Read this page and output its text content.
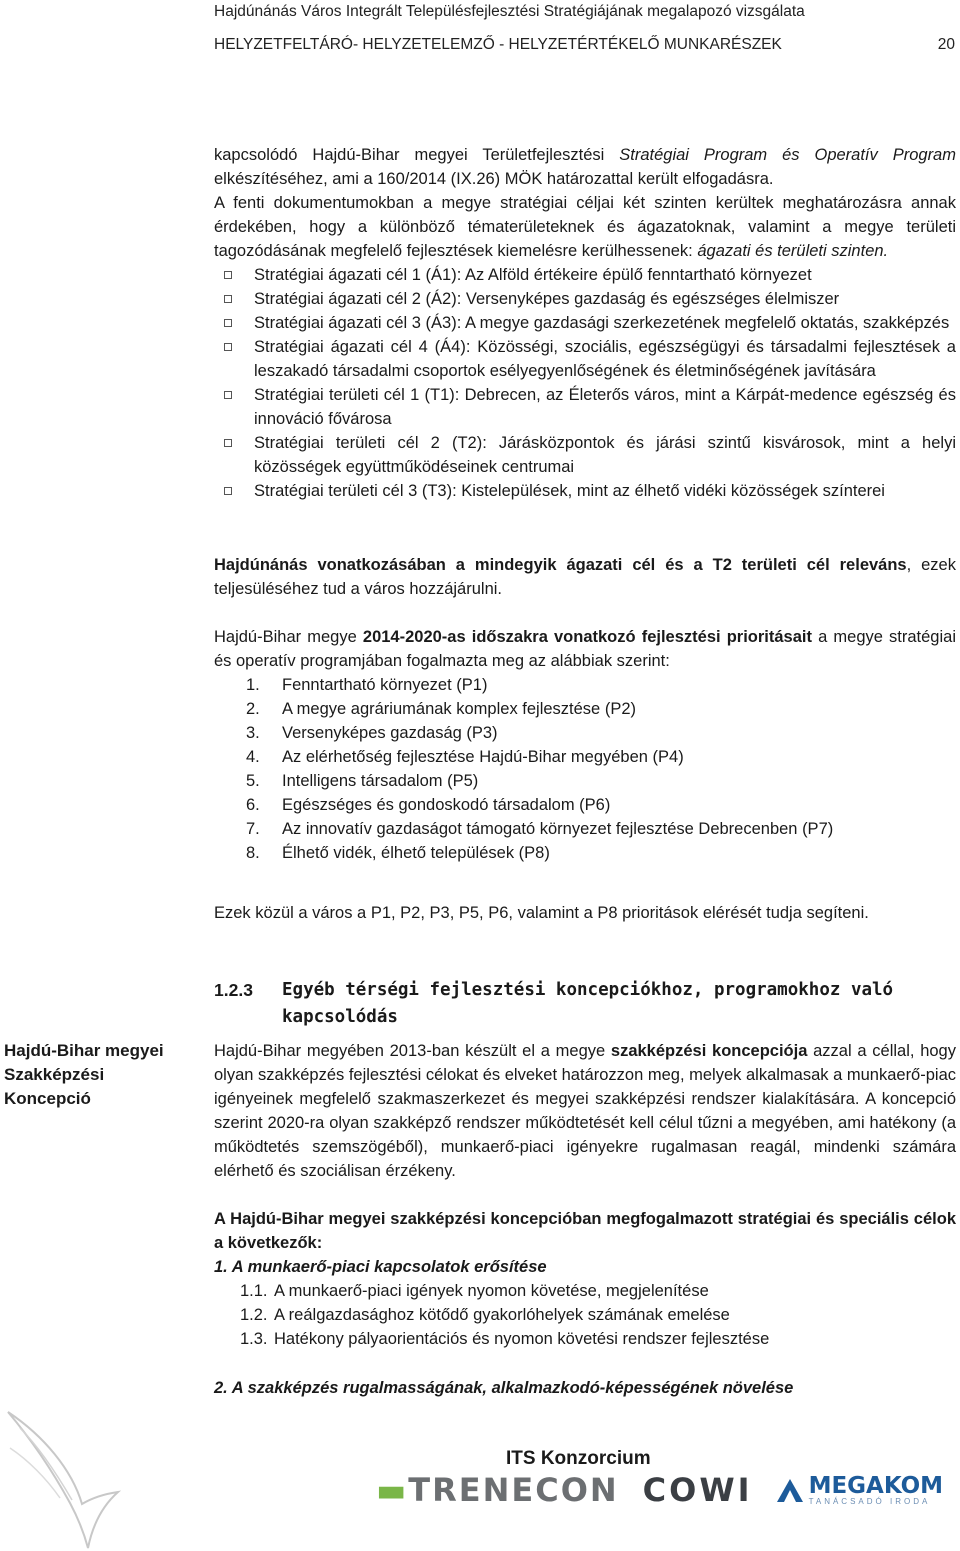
Hajdúnánás Város Integrált Településfejlesztési Stratégiájának megalapozó vizsgálata
HELYZETFELTÁRÓ- HELYZETELEMZŐ - HELYZETÉRTÉKELŐ MUNKARÉSZEK	20

kapcsolódó Hajdú-Bihar megyei Területfejlesztési Stratégiai Program és Operatív Program elkészítéséhez, ami a 160/2014 (IX.26) MÖK határozattal került elfogadásra.

A fenti dokumentumokban a megye stratégiai céljai két szinten kerültek meghatározásra annak érdekében, hogy a különböző tématerületeknek és ágazatoknak, valamint a megye területi tagozódásának megfelelő fejlesztések kiemelésre kerülhessenek: ágazati és területi szinten.

Stratégiai ágazati cél 1 (Á1): Az Alföld értékeire épülő fenntartható környezet
Stratégiai ágazati cél 2 (Á2): Versenyképes gazdaság és egészséges élelmiszer
Stratégiai ágazati cél 3 (Á3): A megye gazdasági szerkezetének megfelelő oktatás, szakképzés
Stratégiai ágazati cél 4 (Á4): Közösségi, szociális, egészségügyi és társadalmi fejlesztések a leszakadó társadalmi csoportok esélyegyenlőségének és életminőségének javítására
Stratégiai területi cél 1 (T1): Debrecen, az Életerős város, mint a Kárpát-medence egészség és innováció fővárosa
Stratégiai területi cél 2 (T2): Járásközpontok és járási szintű kisvárosok, mint a helyi közösségek együttműködéseinek centrumai
Stratégiai területi cél 3 (T3): Kistelepülések, mint az élhető vidéki közösségek színterei
Hajdúnánás vonatkozásában a mindegyik ágazati cél és a T2 területi cél releváns, ezek teljesüléséhez tud a város hozzájárulni.

Hajdú-Bihar megye 2014-2020-as időszakra vonatkozó fejlesztési prioritásait a megye stratégiai és operatív programjában fogalmazta meg az alábbiak szerint:

1.	Fenntartható környezet (P1)
2.	A megye agráriumának komplex fejlesztése (P2)
3.	Versenyképes gazdaság (P3)
4.	Az elérhetőség fejlesztése Hajdú-Bihar megyében (P4)
5.	Intelligens társadalom (P5)
6.	Egészséges és gondoskodó társadalom (P6)
7.	Az innovatív gazdaságot támogató környezet fejlesztése Debrecenben (P7)
8.	Élhető vidék, élhető települések (P8)
Ezek közül a város a P1, P2, P3, P5, P6, valamint a P8 prioritások elérését tudja segíteni.
1.2.3	Egyéb térségi fejlesztési koncepciókhoz, programokhoz való kapcsolódás
Hajdú-Bihar megyei
Szakképzési
Koncepció
Hajdú-Bihar megyében 2013-ban készült el a megye szakképzési koncepciója azzal a céllal, hogy olyan szakképzés fejlesztési célokat és elveket határozzon meg, melyek alkalmasak a munkaerő-piac igényeinek megfelelő szakmaszerkezet és megyei szakképzési rendszer kialakítására. A koncepció szerint 2020-ra olyan szakképző rendszer működtetését kell célul tűzni a megyében, ami hatékony (a működtetés szemszögéből), munkaerő-piaci igényekre rugalmasan reagál, mindenki számára elérhető és szociálisan érzékeny.

A Hajdú-Bihar megyei szakképzési koncepcióban megfogalmazott stratégiai és speciális célok a következők:

1. A munkaerő-piaci kapcsolatok erősítése

1.1. A munkaerő-piaci igények nyomon követése, megjelenítése
1.2. A reálgazdasághoz kötődő gyakorlóhelyek számának emelése
1.3. Hatékony pályaorientációs és nyomon követési rendszer fejlesztése
2. A szakképzés rugalmasságának, alkalmazkodó-képességének növelése
ITS Konzorcium
▬TRENECON COWI MEGAKOM
TANÁCSADÓ IRODA
